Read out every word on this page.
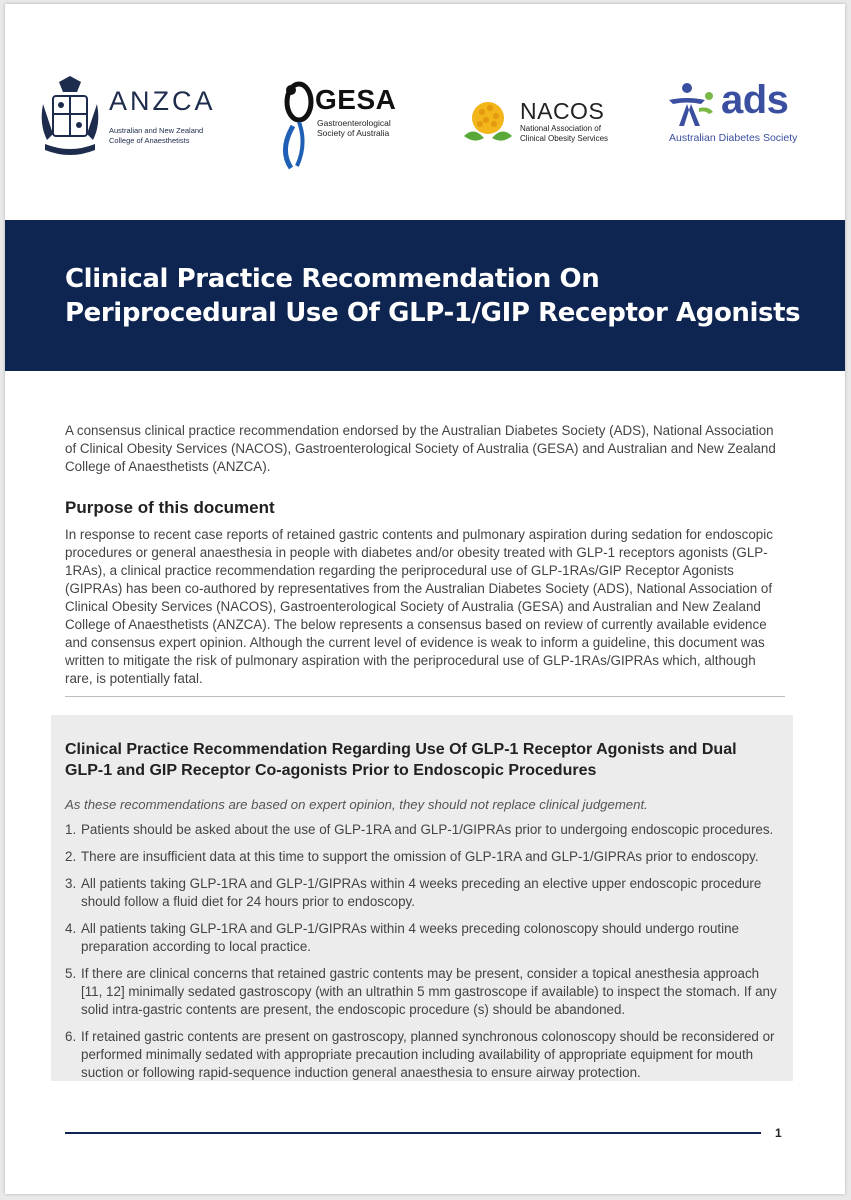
ANZCA
Australian and New Zealand
College of Anaesthetists
GESA
Gastroenterological
Society of Australia
NACOS
National Association of
Clinical Obesity Services
ads
Australian Diabetes Society
Clinical Practice Recommendation On Periprocedural Use Of GLP-1/GIP Receptor Agonists

A consensus clinical practice recommendation endorsed by the Australian Diabetes Society (ADS), National Association of Clinical Obesity Services (NACOS), Gastroenterological Society of Australia (GESA) and Australian and New Zealand College of Anaesthetists (ANZCA).

Purpose of this document

In response to recent case reports of retained gastric contents and pulmonary aspiration during sedation for endoscopic procedures or general anaesthesia in people with diabetes and/or obesity treated with GLP-1 receptors agonists (GLP-1RAs), a clinical practice recommendation regarding the periprocedural use of GLP-1RAs/GIP Receptor Agonists (GIPRAs) has been co-authored by representatives from the Australian Diabetes Society (ADS), National Association of Clinical Obesity Services (NACOS), Gastroenterological Society of Australia (GESA) and Australian and New Zealand College of Anaesthetists (ANZCA). The below represents a consensus based on review of currently available evidence and consensus expert opinion. Although the current level of evidence is weak to inform a guideline, this document was written to mitigate the risk of pulmonary aspiration with the periprocedural use of GLP-1RAs/GIPRAs which, although rare, is potentially fatal.

Clinical Practice Recommendation Regarding Use Of GLP-1 Receptor Agonists and Dual GLP-1 and GIP Receptor Co-agonists Prior to Endoscopic Procedures

As these recommendations are based on expert opinion, they should not replace clinical judgement.

1. Patients should be asked about the use of GLP-1RA and GLP-1/GIPRAs prior to undergoing endoscopic procedures.
2. There are insufficient data at this time to support the omission of GLP-1RA and GLP-1/GIPRAs prior to endoscopy.
3. All patients taking GLP-1RA and GLP-1/GIPRAs within 4 weeks preceding an elective upper endoscopic procedure should follow a fluid diet for 24 hours prior to endoscopy.
4. All patients taking GLP-1RA and GLP-1/GIPRAs within 4 weeks preceding colonoscopy should undergo routine preparation according to local practice.
5. If there are clinical concerns that retained gastric contents may be present, consider a topical anesthesia approach [11, 12] minimally sedated gastroscopy (with an ultrathin 5 mm gastroscope if available) to inspect the stomach. If any solid intra-gastric contents are present, the endoscopic procedure (s) should be abandoned.
6. If retained gastric contents are present on gastroscopy, planned synchronous colonoscopy should be reconsidered or performed minimally sedated with appropriate precaution including availability of appropriate equipment for mouth suction or following rapid-sequence induction general anaesthesia to ensure airway protection.
1
